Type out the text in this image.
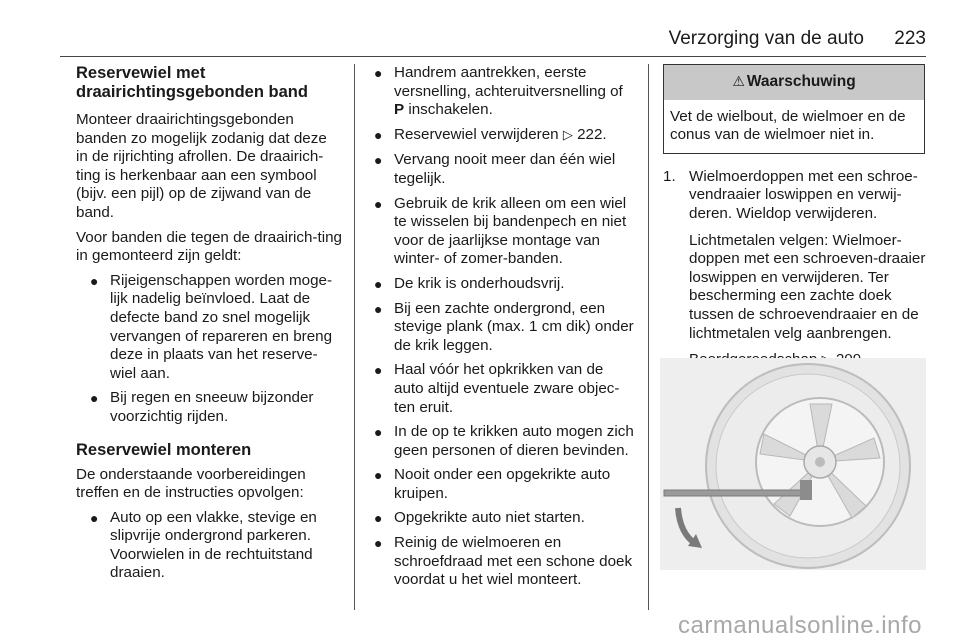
Verzorging van de auto 223
Reservewiel met draairichtingsgebonden band

Monteer draairichtingsgebonden banden zo mogelijk zodanig dat deze in de rijrichting afrollen. De draairich-ting is herkenbaar aan een symbool (bijv. een pijl) op de zijwand van de band.

Voor banden die tegen de draairich-ting in gemonteerd zijn geldt:

● Rijeigenschappen worden moge-lijk nadelig beïnvloed. Laat de defecte band zo snel mogelijk vervangen of repareren en breng deze in plaats van het reserve-wiel aan.
● Bij regen en sneeuw bijzonder voorzichtig rijden.
Reservewiel monteren

De onderstaande voorbereidingen treffen en de instructies opvolgen:

● Auto op een vlakke, stevige en slipvrije ondergrond parkeren. Voorwielen in de rechtuitstand draaien.
● Handrem aantrekken, eerste versnelling, achteruitversnelling of P inschakelen.
● Reservewiel verwijderen ▷ 222.
● Vervang nooit meer dan één wiel tegelijk.
● Gebruik de krik alleen om een wiel te wisselen bij bandenpech en niet voor de jaarlijkse montage van winter- of zomer-banden.
● De krik is onderhoudsvrij.
● Bij een zachte ondergrond, een stevige plank (max. 1 cm dik) onder de krik leggen.
● Haal vóór het opkrikken van de auto altijd eventuele zware objec-ten eruit.
● In de op te krikken auto mogen zich geen personen of dieren bevinden.
● Nooit onder een opgekrikte auto kruipen.
● Opgekrikte auto niet starten.
● Reinig de wielmoeren en schroefdraad met een schone doek voordat u het wiel monteert.
⚠ Waarschuwing
Vet de wielbout, de wielmoer en de conus van de wielmoer niet in.
1. Wielmoerdoppen met een schroe-vendraaier loswippen en verwij-deren. Wieldop verwijderen.

Lichtmetalen velgen: Wielmoer-doppen met een schroeven-draaier loswippen en verwijderen. Ter bescherming een zachte doek tussen de schroevendraaier en de lichtmetalen velg aanbrengen.

carmanualsonline.info
